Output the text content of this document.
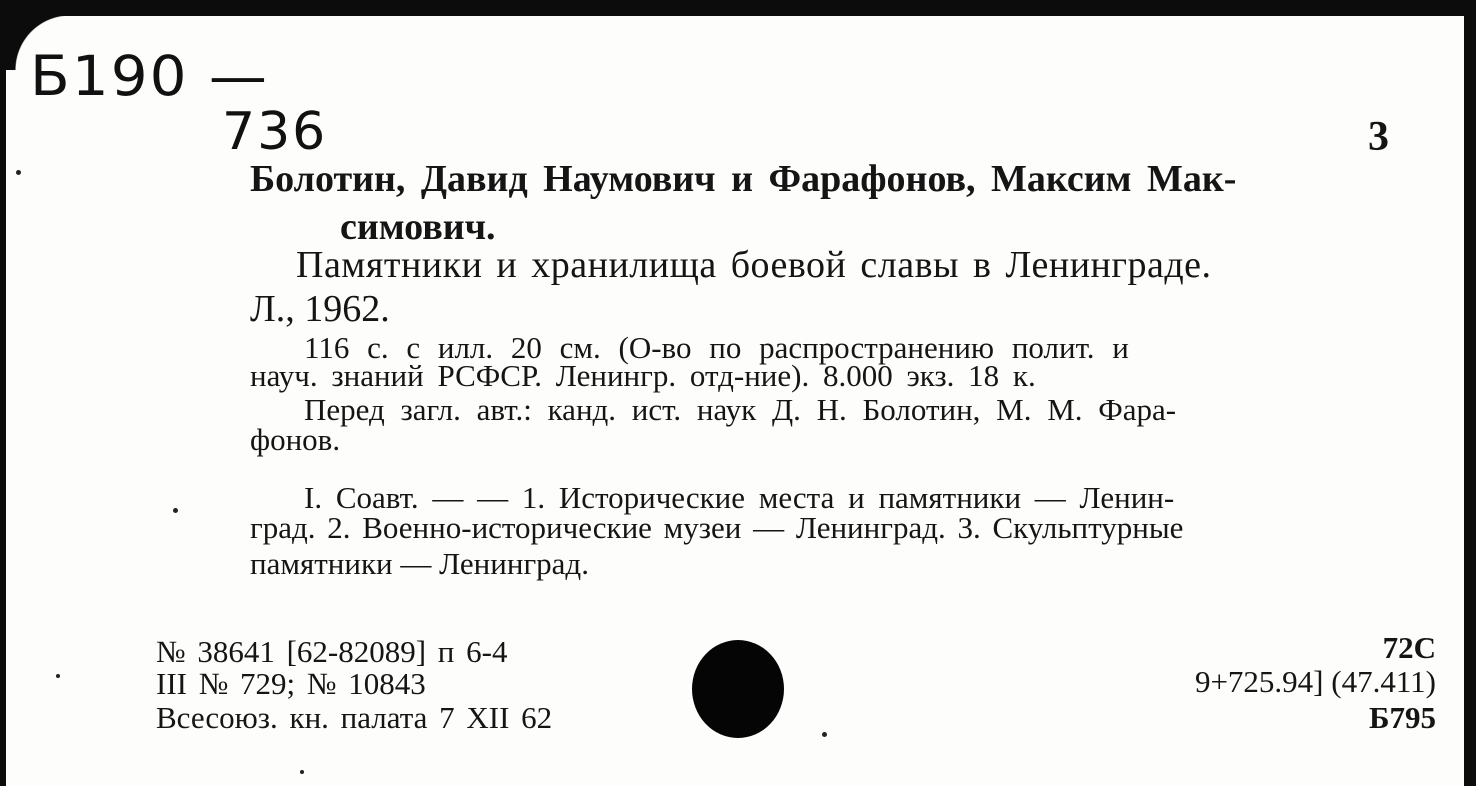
Б190 —
736	3
Болотин, Давид Наумович и Фарафонов, Максим Мак-
симович.
Памятники и хранилища боевой славы в Ленинграде.
Л., 1962.
116 с. с илл. 20 см. (О-во по распространению полит. и
науч. знаний РСФСР. Ленингр. отд-ние). 8.000 экз. 18 к.
Перед загл. авт.: канд. ист. наук Д. Н. Болотин, М. М. Фара-
фонов.
I. Соавт. — — 1. Исторические места и памятники — Ленин-
град. 2. Военно-исторические музеи — Ленинград. 3. Скульптурные
памятники — Ленинград.
№ 38641 [62-82089] п 6-4
III № 729; № 10843
Всесоюз. кн. палата 7 XII 62
72С
9+725.94] (47.411)
Б795
